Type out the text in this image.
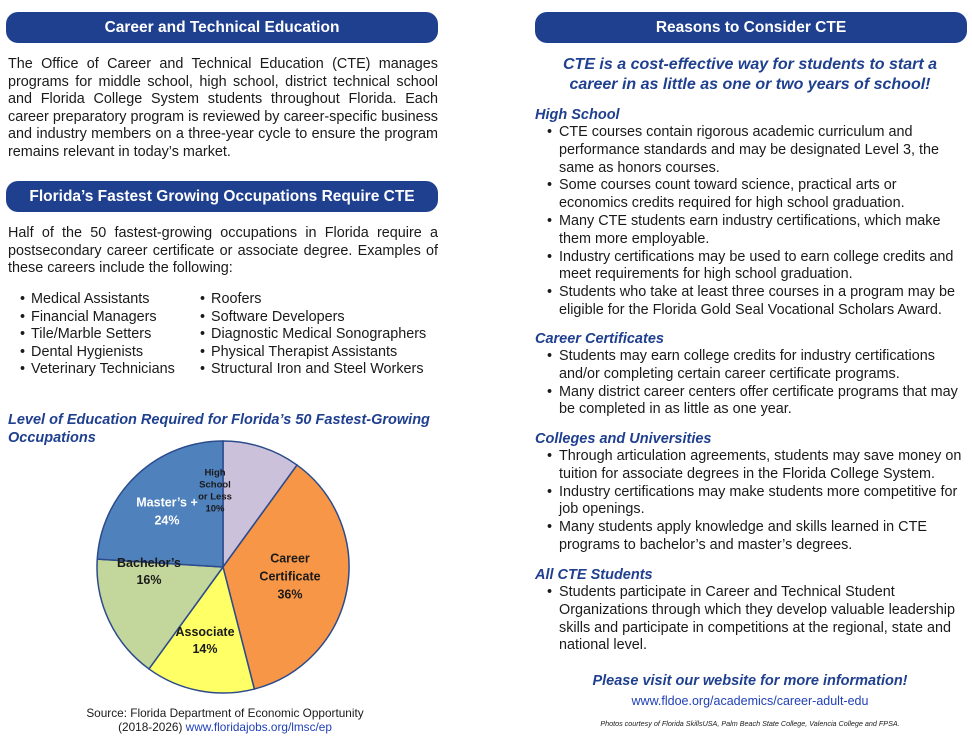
Career and Technical Education

The Office of Career and Technical Education (CTE) manages programs for middle school, high school, district technical school and Florida College System students throughout Florida. Each career preparatory program is reviewed by career-specific business and industry members on a three-year cycle to ensure the program remains relevant in today’s market.

Florida’s Fastest Growing Occupations Require CTE

Half of the 50 fastest-growing occupations in Florida require a postsecondary career certificate or associate degree. Examples of these careers include the following:

• Medical Assistants
• Financial Managers
• Tile/Marble Setters
• Dental Hygienists
• Veterinary Technicians
• Roofers
• Software Developers
• Diagnostic Medical Sonographers
• Physical Therapist Assistants
• Structural Iron and Steel Workers
Level of Education Required for Florida’s 50 Fastest-Growing Occupations
High School or Less 10%
Career Certificate 36%
Associate 14%
Bachelor’s 16%
Master’s + 24%
Source: Florida Department of Economic Opportunity
(2018-2026) www.floridajobs.org/lmsc/ep
Reasons to Consider CTE
CTE is a cost-effective way for students to start a
career in as little as one or two years of school!
High School
• CTE courses contain rigorous academic curriculum and performance standards and may be designated Level 3, the same as honors courses.
• Some courses count toward science, practical arts or economics credits required for high school graduation.
• Many CTE students earn industry certifications, which make them more employable.
• Industry certifications may be used to earn college credits and meet requirements for high school graduation.
• Students who take at least three courses in a program may be eligible for the Florida Gold Seal Vocational Scholars Award.
Career Certificates
• Students may earn college credits for industry certifications and/or completing certain career certificate programs.
• Many district career centers offer certificate programs that may be completed in as little as one year.
Colleges and Universities
• Through articulation agreements, students may save money on tuition for associate degrees in the Florida College System.
• Industry certifications may make students more competitive for job openings.
• Many students apply knowledge and skills learned in CTE programs to bachelor’s and master’s degrees.
All CTE Students
• Students participate in Career and Technical Student Organizations through which they develop valuable leadership skills and participate in competitions at the regional, state and national level.
Please visit our website for more information!
www.fldoe.org/academics/career-adult-edu
Photos courtesy of Florida SkillsUSA, Palm Beach State College, Valencia College and FPSA.
